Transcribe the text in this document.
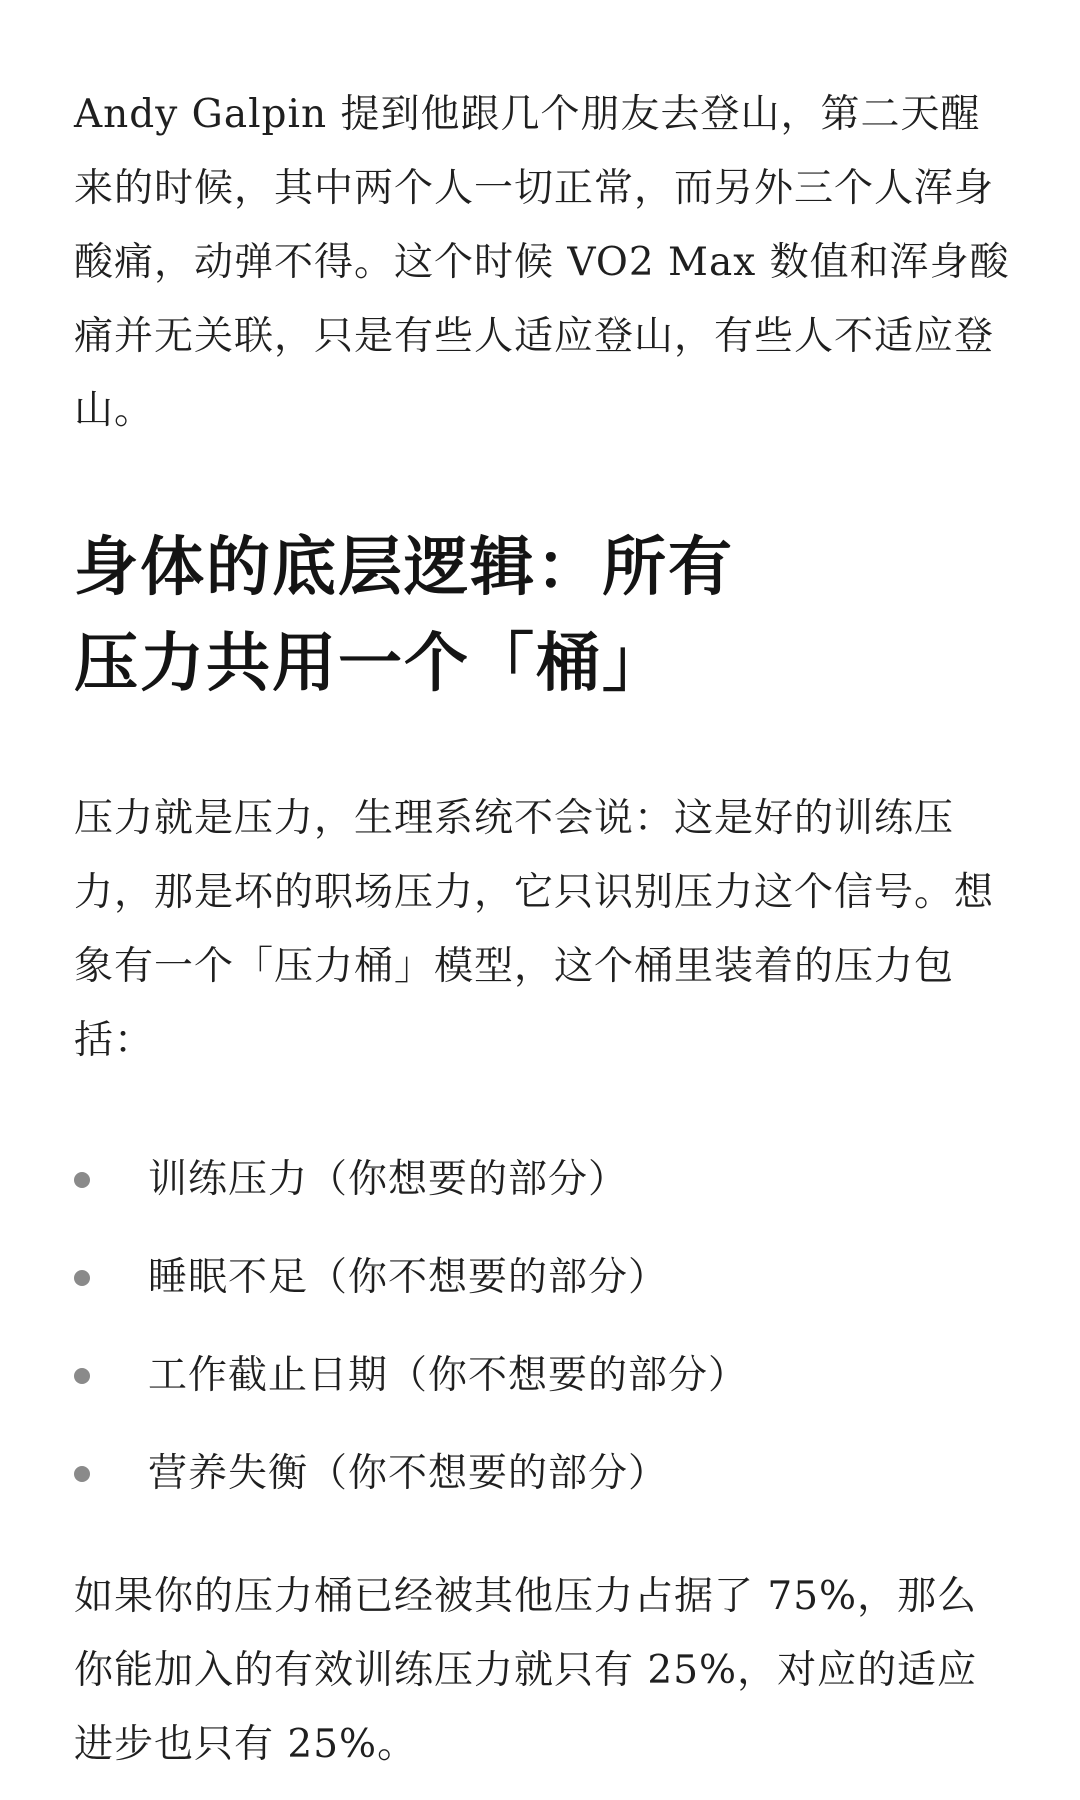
Andy Galpin 提到他跟几个朋友去登山，第二天醒来的时候，其中两个人一切正常，而另外三个人浑身酸痛，动弹不得。这个时候 VO2 Max 数值和浑身酸痛并无关联，只是有些人适应登山，有些人不适应登山。

身体的底层逻辑：所有
压力共用一个「桶」

压力就是压力，生理系统不会说：这是好的训练压力，那是坏的职场压力，它只识别压力这个信号。想象有一个「压力桶」模型，这个桶里装着的压力包括：

训练压力（你想要的部分）
睡眠不足（你不想要的部分）
工作截止日期（你不想要的部分）
营养失衡（你不想要的部分）

如果你的压力桶已经被其他压力占据了 75%，那么你能加入的有效训练压力就只有 25%，对应的适应进步也只有 25%。
